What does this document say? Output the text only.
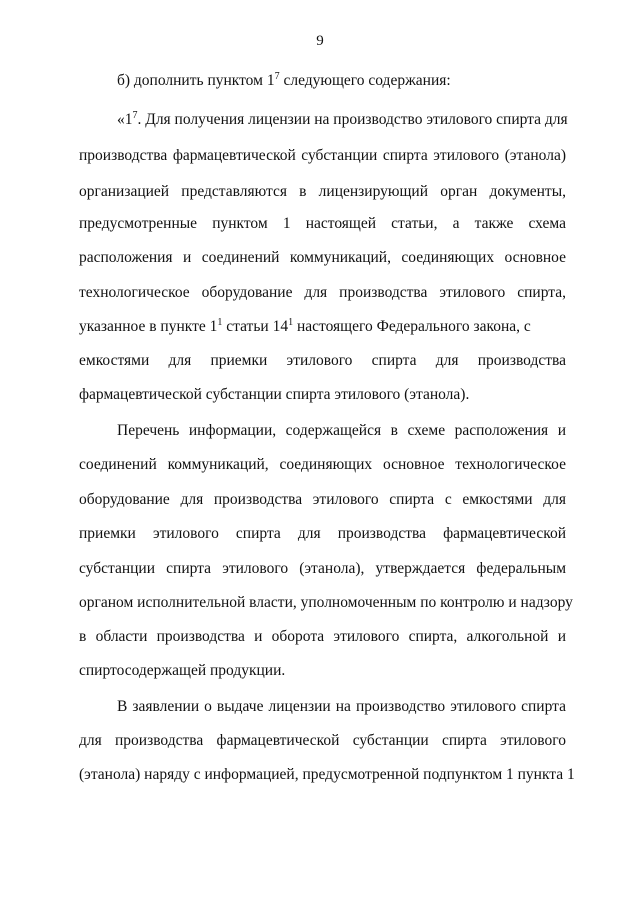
9
б) дополнить пунктом $1^7$ следующего содержания:
«$1^7$. Для получения лицензии на производство этилового спирта для
производства фармацевтической субстанции спирта этилового (этанола)
организацией представляются в лицензирующий орган документы,
предусмотренные пунктом 1 настоящей статьи, а также схема
расположения и соединений коммуникаций, соединяющих основное
технологическое оборудование для производства этилового спирта,
указанное в пункте $1^1$ статьи $14^1$ настоящего Федерального закона, с
емкостями для приемки этилового спирта для производства
фармацевтической субстанции спирта этилового (этанола).
Перечень информации, содержащейся в схеме расположения и
соединений коммуникаций, соединяющих основное технологическое
оборудование для производства этилового спирта с емкостями для
приемки этилового спирта для производства фармацевтической
субстанции спирта этилового (этанола), утверждается федеральным
органом исполнительной власти, уполномоченным по контролю и надзору
в области производства и оборота этилового спирта, алкогольной и
спиртосодержащей продукции.
В заявлении о выдаче лицензии на производство этилового спирта
для производства фармацевтической субстанции спирта этилового
(этанола) наряду с информацией, предусмотренной подпунктом 1 пункта 1
